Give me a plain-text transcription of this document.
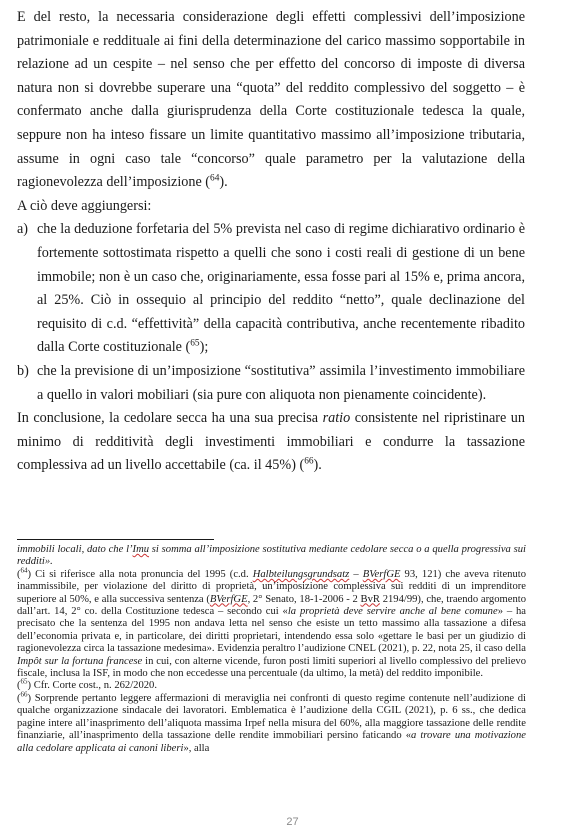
E del resto, la necessaria considerazione degli effetti complessivi dell’imposizione patrimoniale e reddituale ai fini della determinazione del carico massimo sopportabile in relazione ad un cespite – nel senso che per effetto del concorso di imposte di diversa natura non si dovrebbe superare una “quota” del reddito complessivo del soggetto – è confermato anche dalla giurisprudenza della Corte costituzionale tedesca la quale, seppure non ha inteso fissare un limite quantitativo massimo all’imposizione tributaria, assume in ogni caso tale “concorso” quale parametro per la valutazione della ragionevolezza dell’imposizione ($^{64}$).

A ciò deve aggiungersi:

a) che la deduzione forfetaria del 5% prevista nel caso di regime dichiarativo ordinario è fortemente sottostimata rispetto a quelli che sono i costi reali di gestione di un bene immobile; non è un caso che, originariamente, essa fosse pari al 15% e, prima ancora, al 25%. Ciò in ossequio al principio del reddito “netto”, quale declinazione del requisito di c.d. “effettività” della capacità contributiva, anche recentemente ribadito dalla Corte costituzionale ($^{65}$);
b) che la previsione di un’imposizione “sostitutiva” assimila l’investimento immobiliare a quello in valori mobiliari (sia pure con aliquota non pienamente coincidente).

In conclusione, la cedolare secca ha una sua precisa ratio consistente nel ripristinare un minimo di redditività degli investimenti immobiliari e condurre la tassazione complessiva ad un livello accettabile (ca. il 45%) ($^{66}$).

immobili locali, dato che l’Imu si somma all’imposizione sostitutiva mediante cedolare secca o a quella progressiva sui redditi».

($^{64}$) Ci si riferisce alla nota pronuncia del 1995 (c.d. Halbteilungsgrundsatz – BVerfGE 93, 121) che aveva ritenuto inammissibile, per violazione del diritto di proprietà, un’imposizione complessiva sui redditi di un imprenditore superiore al 50%, e alla successiva sentenza (BVerfGE, 2° Senato, 18-1-2006 - 2 BvR 2194/99), che, traendo argomento dall’art. 14, 2° co. della Costituzione tedesca – secondo cui «la proprietà deve servire anche al bene comune» – ha precisato che la sentenza del 1995 non andava letta nel senso che esiste un tetto massimo alla tassazione a difesa dell’economia privata e, in particolare, dei diritti proprietari, intendendo essa solo «gettare le basi per un giudizio di ragionevolezza circa la tassazione medesima». Evidenzia peraltro l’audizione CNEL (2021), p. 22, nota 25, il caso della Impôt sur la fortuna francese in cui, con alterne vicende, furon posti limiti superiori al livello complessivo del prelievo fiscale, inclusa la ISF, in modo che non eccedesse una percentuale (da ultimo, la metà) del reddito imponibile.

($^{65}$) Cfr. Corte cost., n. 262/2020.

($^{66}$) Sorprende pertanto leggere affermazioni di meraviglia nei confronti di questo regime contenute nell’audizione di qualche organizzazione sindacale dei lavoratori. Emblematica è l’audizione della CGIL (2021), p. 6 ss., che dedica pagine intere all’inasprimento dell’aliquota massima Irpef nella misura del 60%, alla maggiore tassazione delle rendite finanziarie, all’inasprimento della tassazione delle rendite immobiliari persino faticando «a trovare una motivazione alla cedolare applicata ai canoni liberi», alla

27
